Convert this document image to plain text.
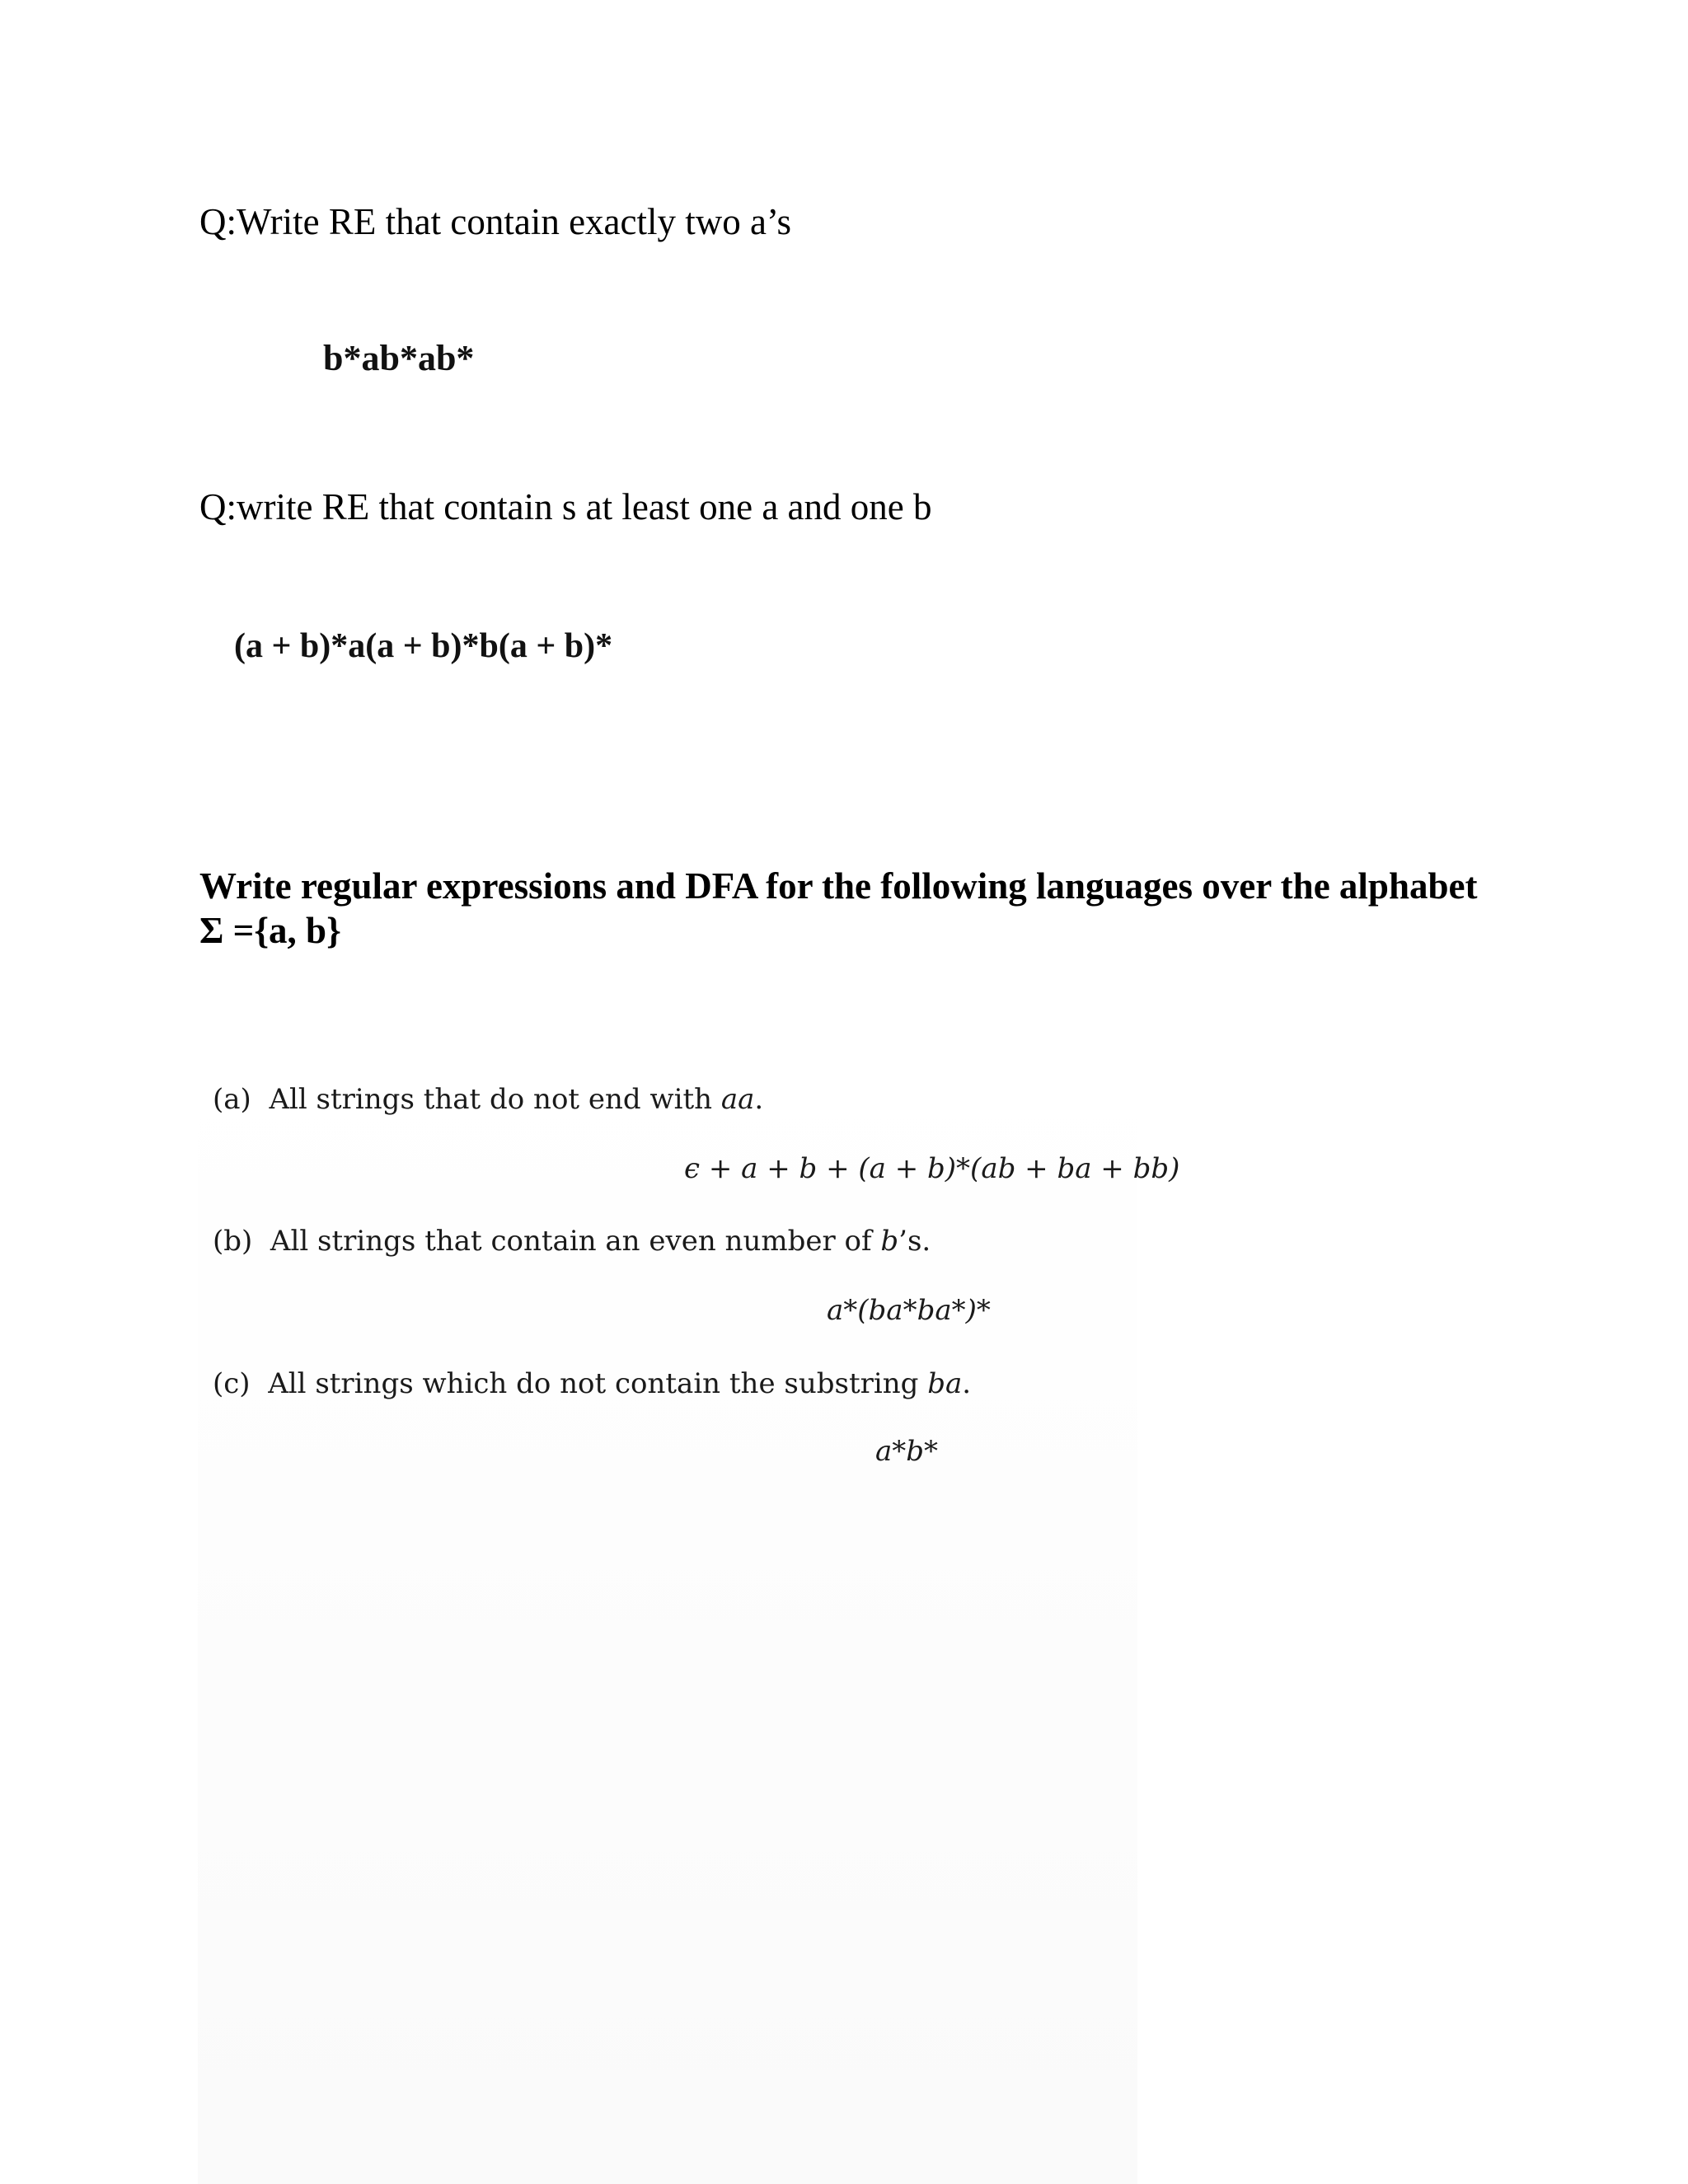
Q:Write RE that contain exactly two a’s
b*ab*ab*
Q:write RE that contain s at least one a and one b
(a + b)*a(a + b)*b(a + b)*
Write regular expressions and DFA for the following languages over the alphabet Σ ={a, b}
(a) All strings that do not end with aa.
ϵ + a + b + (a + b)*(ab + ba + bb)
(b) All strings that contain an even number of b’s.
a*(ba*ba*)*
(c) All strings which do not contain the substring ba.
a*b*
